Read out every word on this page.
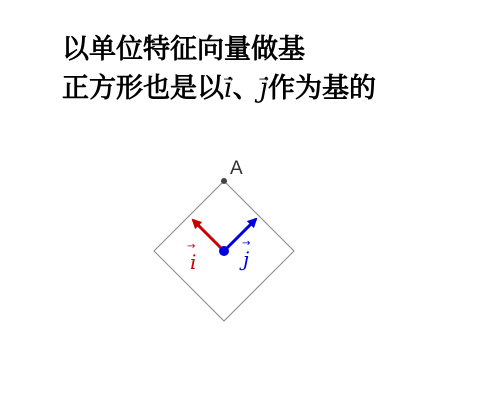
以单位特征向量做基
正方形也是以→ i、→ j作为基的
A
→
i
→
j
